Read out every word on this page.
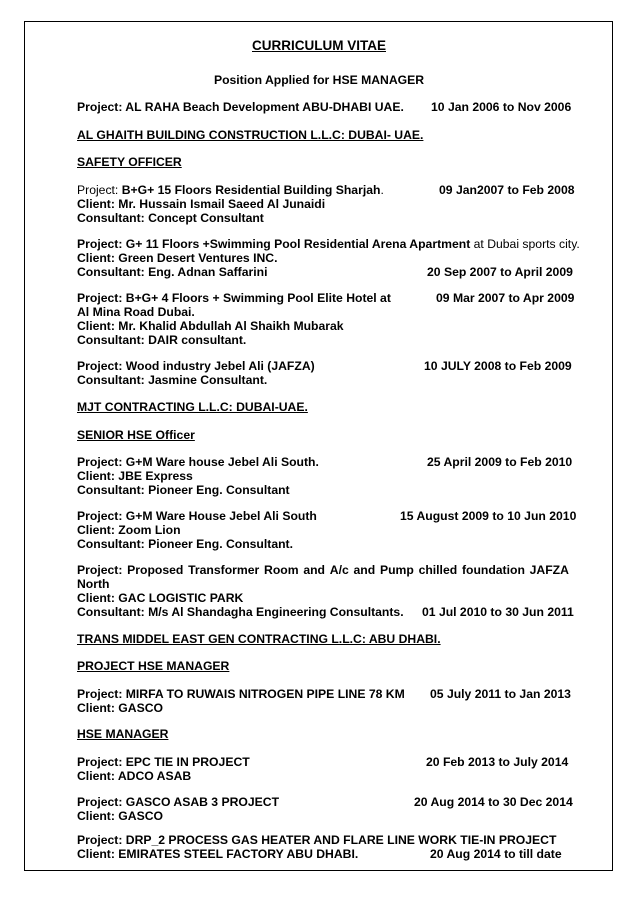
CURRICULUM VITAE
Position Applied for HSE MANAGER
Project: AL RAHA Beach Development ABU-DHABI UAE. 10 Jan 2006 to Nov 2006
AL GHAITH BUILDING CONSTRUCTION L.L.C: DUBAI- UAE.
SAFETY OFFICER
Project: B+G+ 15 Floors Residential Building Sharjah.	09 Jan2007 to Feb 2008
Client: Mr. Hussain Ismail Saeed Al Junaidi
Consultant: Concept Consultant
Project: G+ 11 Floors +Swimming Pool Residential Arena Apartment at Dubai sports city.
Client: Green Desert Ventures INC.
Consultant: Eng. Adnan Saffarini	20 Sep 2007 to April 2009
Project: B+G+ 4 Floors + Swimming Pool Elite Hotel at	09 Mar 2007 to Apr 2009
Al Mina Road Dubai.
Client: Mr. Khalid Abdullah Al Shaikh Mubarak
Consultant: DAIR consultant.
Project: Wood industry Jebel Ali (JAFZA)	10 JULY 2008 to Feb 2009
Consultant: Jasmine Consultant.
MJT CONTRACTING L.L.C: DUBAI-UAE.
SENIOR HSE Officer
Project: G+M Ware house Jebel Ali South.	25 April 2009 to Feb 2010
Client: JBE Express
Consultant: Pioneer Eng. Consultant
Project: G+M Ware House Jebel Ali South	15 August 2009 to 10 Jun 2010
Client: Zoom Lion
Consultant: Pioneer Eng. Consultant.
Project: Proposed Transformer Room and A/c and Pump chilled foundation JAFZA
North
Client: GAC LOGISTIC PARK
Consultant: M/s Al Shandagha Engineering Consultants. 01 Jul 2010 to 30 Jun 2011
TRANS MIDDEL EAST GEN CONTRACTING L.L.C: ABU DHABI.
PROJECT HSE MANAGER
Project: MIRFA TO RUWAIS NITROGEN PIPE LINE 78 KM 05 July 2011 to Jan 2013
Client: GASCO
HSE MANAGER
Project: EPC TIE IN PROJECT	20 Feb 2013 to July 2014
Client: ADCO ASAB
Project: GASCO ASAB 3 PROJECT	20 Aug 2014 to 30 Dec 2014
Client: GASCO
Project: DRP_2 PROCESS GAS HEATER AND FLARE LINE WORK TIE-IN PROJECT
Client: EMIRATES STEEL FACTORY ABU DHABI.	20 Aug 2014 to till date
